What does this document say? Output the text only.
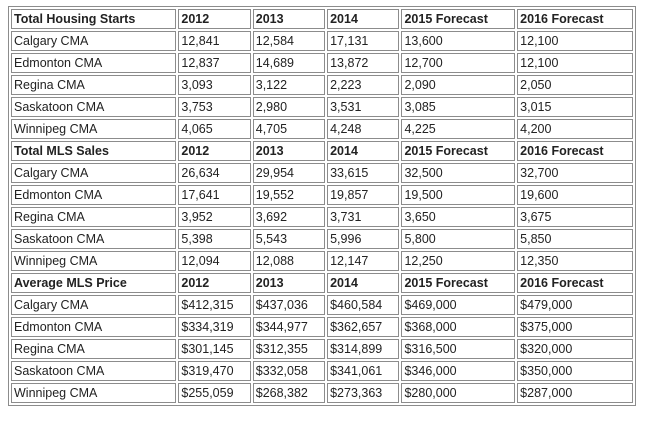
Total Housing Starts	2012	2013	2014	2015 Forecast	2016 Forecast
Calgary CMA	12,841	12,584	17,131	13,600	12,100
Edmonton CMA	12,837	14,689	13,872	12,700	12,100
Regina CMA	3,093	3,122	2,223	2,090	2,050
Saskatoon CMA	3,753	2,980	3,531	3,085	3,015
Winnipeg CMA	4,065	4,705	4,248	4,225	4,200
Total MLS Sales	2012	2013	2014	2015 Forecast	2016 Forecast
Calgary CMA	26,634	29,954	33,615	32,500	32,700
Edmonton CMA	17,641	19,552	19,857	19,500	19,600
Regina CMA	3,952	3,692	3,731	3,650	3,675
Saskatoon CMA	5,398	5,543	5,996	5,800	5,850
Winnipeg CMA	12,094	12,088	12,147	12,250	12,350
Average MLS Price	2012	2013	2014	2015 Forecast	2016 Forecast
Calgary CMA	$412,315	$437,036	$460,584	$469,000	$479,000
Edmonton CMA	$334,319	$344,977	$362,657	$368,000	$375,000
Regina CMA	$301,145	$312,355	$314,899	$316,500	$320,000
Saskatoon CMA	$319,470	$332,058	$341,061	$346,000	$350,000
Winnipeg CMA	$255,059	$268,382	$273,363	$280,000	$287,000
